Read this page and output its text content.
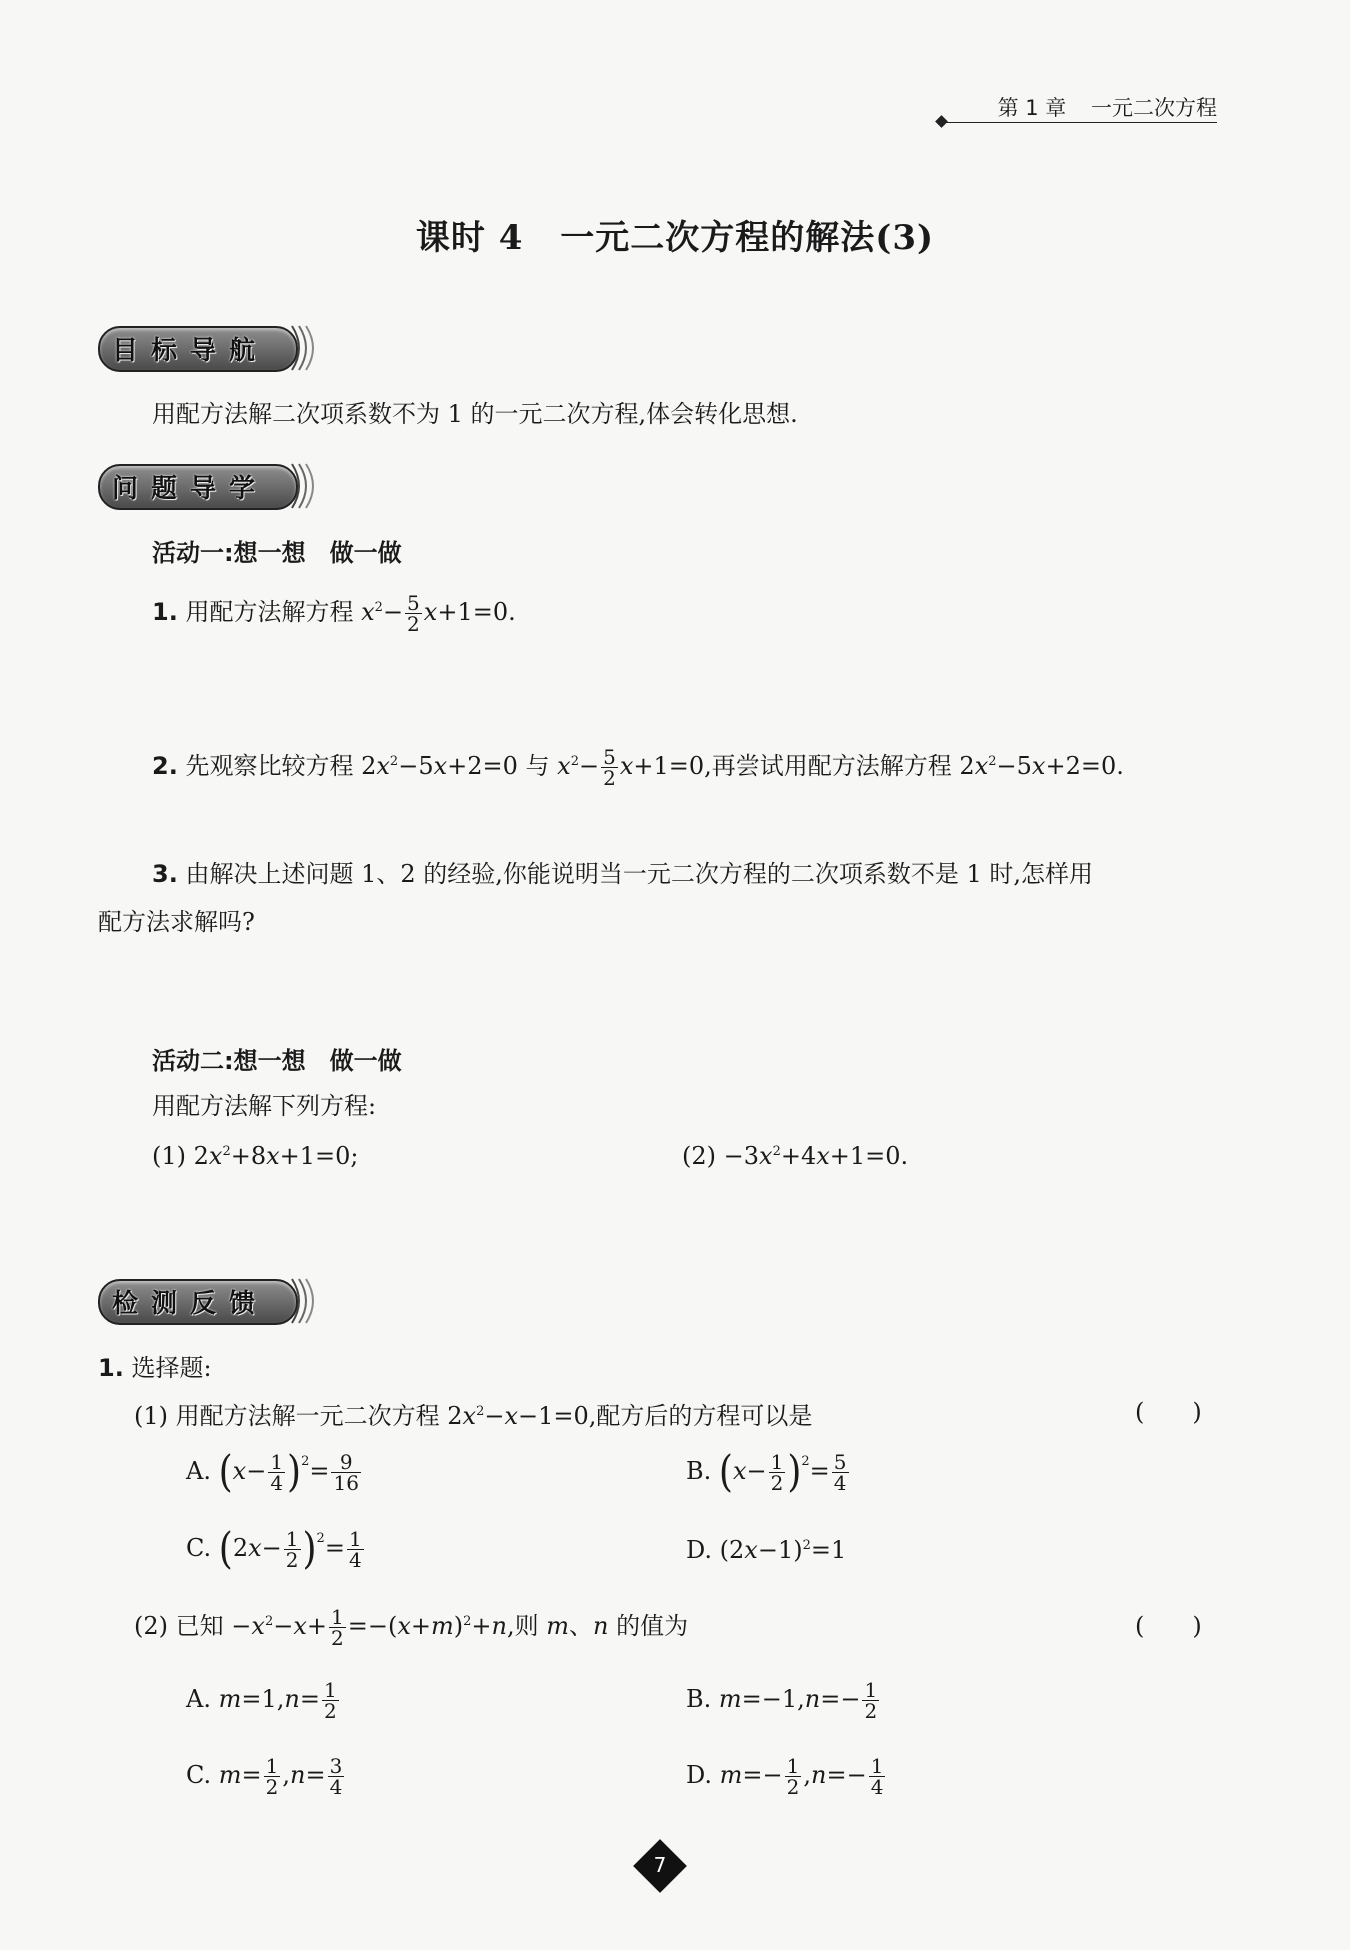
第 1 章 一元二次方程
课时 4 一元二次方程的解法(3)
目标导航
用配方法解二次项系数不为 1 的一元二次方程,体会转化思想.
问题导学
活动一:想一想　做一做
1. 用配方法解方程 $x^2- \frac{5}{2} x+1=0$.
2. 先观察比较方程 $2x^2-5x+2=0$ 与 $x^2- \frac{5}{2} x+1=0$,再尝试用配方法解方程 $2x^2-5x+2=0$.
3. 由解决上述问题 1、2 的经验,你能说明当一元二次方程的二次项系数不是 1 时,怎样用
配方法求解吗?
活动二:想一想　做一做
用配方法解下列方程:
(1) $2x^2+8x+1=0$;	$(2) -3x^2+4x+1=0$.
检测反馈
1. 选择题:
(1) 用配方法解一元二次方程 $2x^2-x-1=0$,配方后的方程可以是	(　　)
A. $(x- \frac{1}{4} )^2= \frac{9}{16}$	B. $(x- \frac{1}{2} )^2= \frac{5}{4}$
C. $(2x- \frac{1}{2} )^2= \frac{1}{4}$	D. $(2x-1)^2=1$
(2) 已知 $-x^2-x+ \frac{1}{2} =-(x+m)^2+n$,则 m、n 的值为	(　　)
A. $m=1,n= \frac{1}{2}$	B. $m=-1,n=- \frac{1}{2}$
C. $m= \frac{1}{2} ,n= \frac{3}{4}$	D. $m=- \frac{1}{2} ,n=- \frac{1}{4}$
7
